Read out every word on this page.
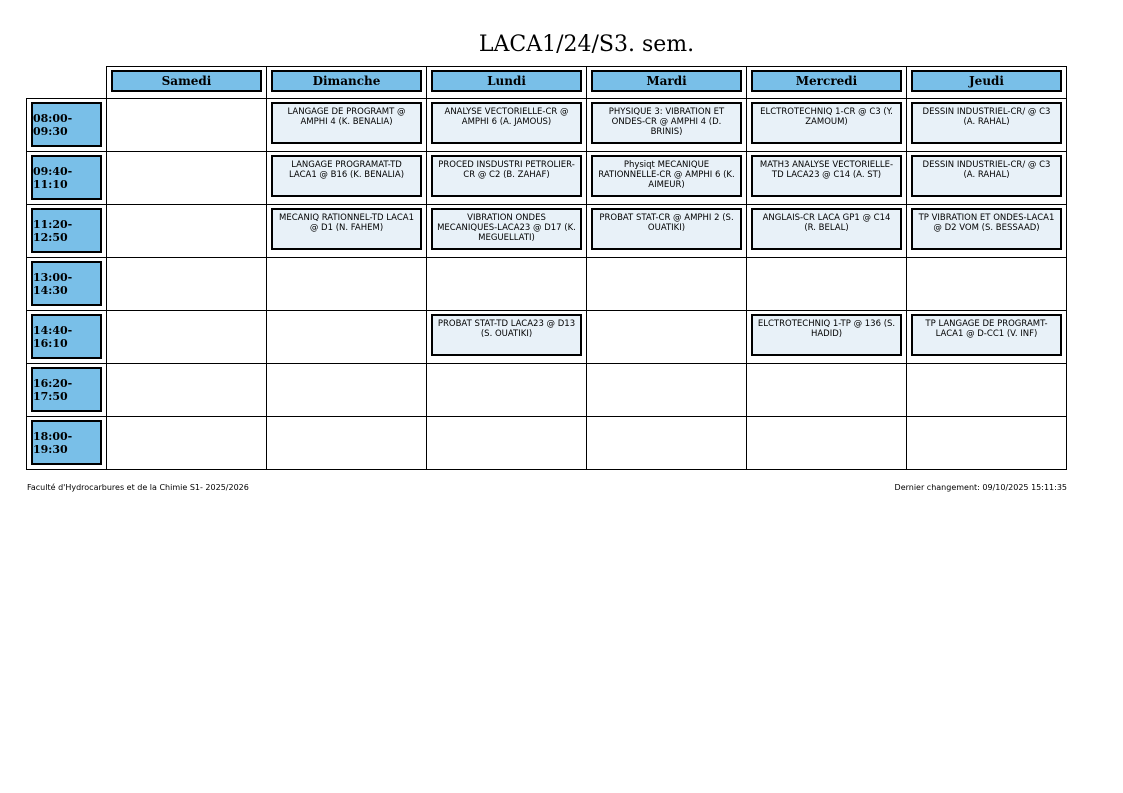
LACA1/24/S3. sem.

Samedi	Dimanche	Lundi	Mardi	Mercredi	Jeudi

08:00-09:30		LANGAGE DE PROGRAMT @ AMPHI 4 (K. BENALIA)	ANALYSE VECTORIELLE-CR @ AMPHI 6 (A. JAMOUS)	PHYSIQUE 3: VIBRATION ET ONDES-CR @ AMPHI 4 (D. BRINIS)	ELCTROTECHNIQ 1-CR @ C3 (Y. ZAMOUM)	DESSIN INDUSTRIEL-CR/ @ C3 (A. RAHAL)

09:40-11:10		LANGAGE PROGRAMAT-TD LACA1 @ B16 (K. BENALIA)	PROCED INSDUSTRI PETROLIER-CR @ C2 (B. ZAHAF)	Physiqt MECANIQUE RATIONNELLE-CR @ AMPHI 6 (K. AIMEUR)	MATH3 ANALYSE VECTORIELLE-TD LACA23 @ C14 (A. ST)	DESSIN INDUSTRIEL-CR/ @ C3 (A. RAHAL)

11:20-12:50		MECANIQ RATIONNEL-TD LACA1 @ D1 (N. FAHEM)	VIBRATION ONDES MECANIQUES-LACA23 @ D17 (K. MEGUELLATI)	PROBAT STAT-CR @ AMPHI 2 (S. OUATIKI)	ANGLAIS-CR LACA GP1 @ C14 (R. BELAL)	TP VIBRATION ET ONDES-LACA1 @ D2 VOM (S. BESSAAD)

13:00-14:30						

14:40-16:10			PROBAT STAT-TD LACA23 @ D13 (S. OUATIKI)		ELCTROTECHNIQ 1-TP @ 136 (S. HADID)	TP LANGAGE DE PROGRAMT-LACA1 @ D-CC1 (V. INF)

16:20-17:50						

18:00-19:30						

Faculté d'Hydrocarbures et de la Chimie S1- 2025/2026	Dernier changement: 09/10/2025 15:11:35
